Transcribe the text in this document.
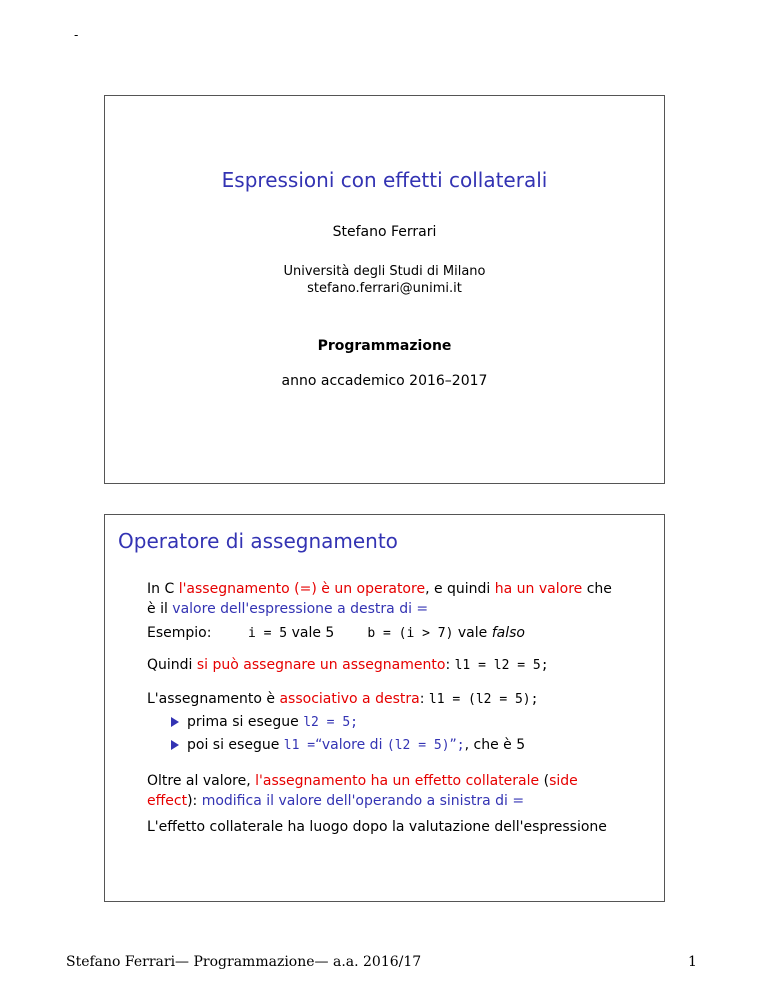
-
Espressioni con effetti collaterali
Stefano Ferrari
Università degli Studi di Milano
stefano.ferrari@unimi.it
Programmazione
anno accademico 2016–2017
Operatore di assegnamento
In C l'assegnamento (=) è un operatore, e quindi ha un valore che
è il valore dell'espressione a destra di =
Esempio:	i = 5 vale 5	b = (i > 7) vale falso
Quindi si può assegnare un assegnamento: l1 = l2 = 5;
L'assegnamento è associativo a destra: l1 = (l2 = 5);
prima si esegue l2 = 5;
poi si esegue l1 =“valore di (l2 = 5)”;, che è 5
Oltre al valore, l'assegnamento ha un effetto collaterale (side
effect): modifica il valore dell'operando a sinistra di =
L'effetto collaterale ha luogo dopo la valutazione dell'espressione
Stefano Ferrari— Programmazione— a.a. 2016/17	1
